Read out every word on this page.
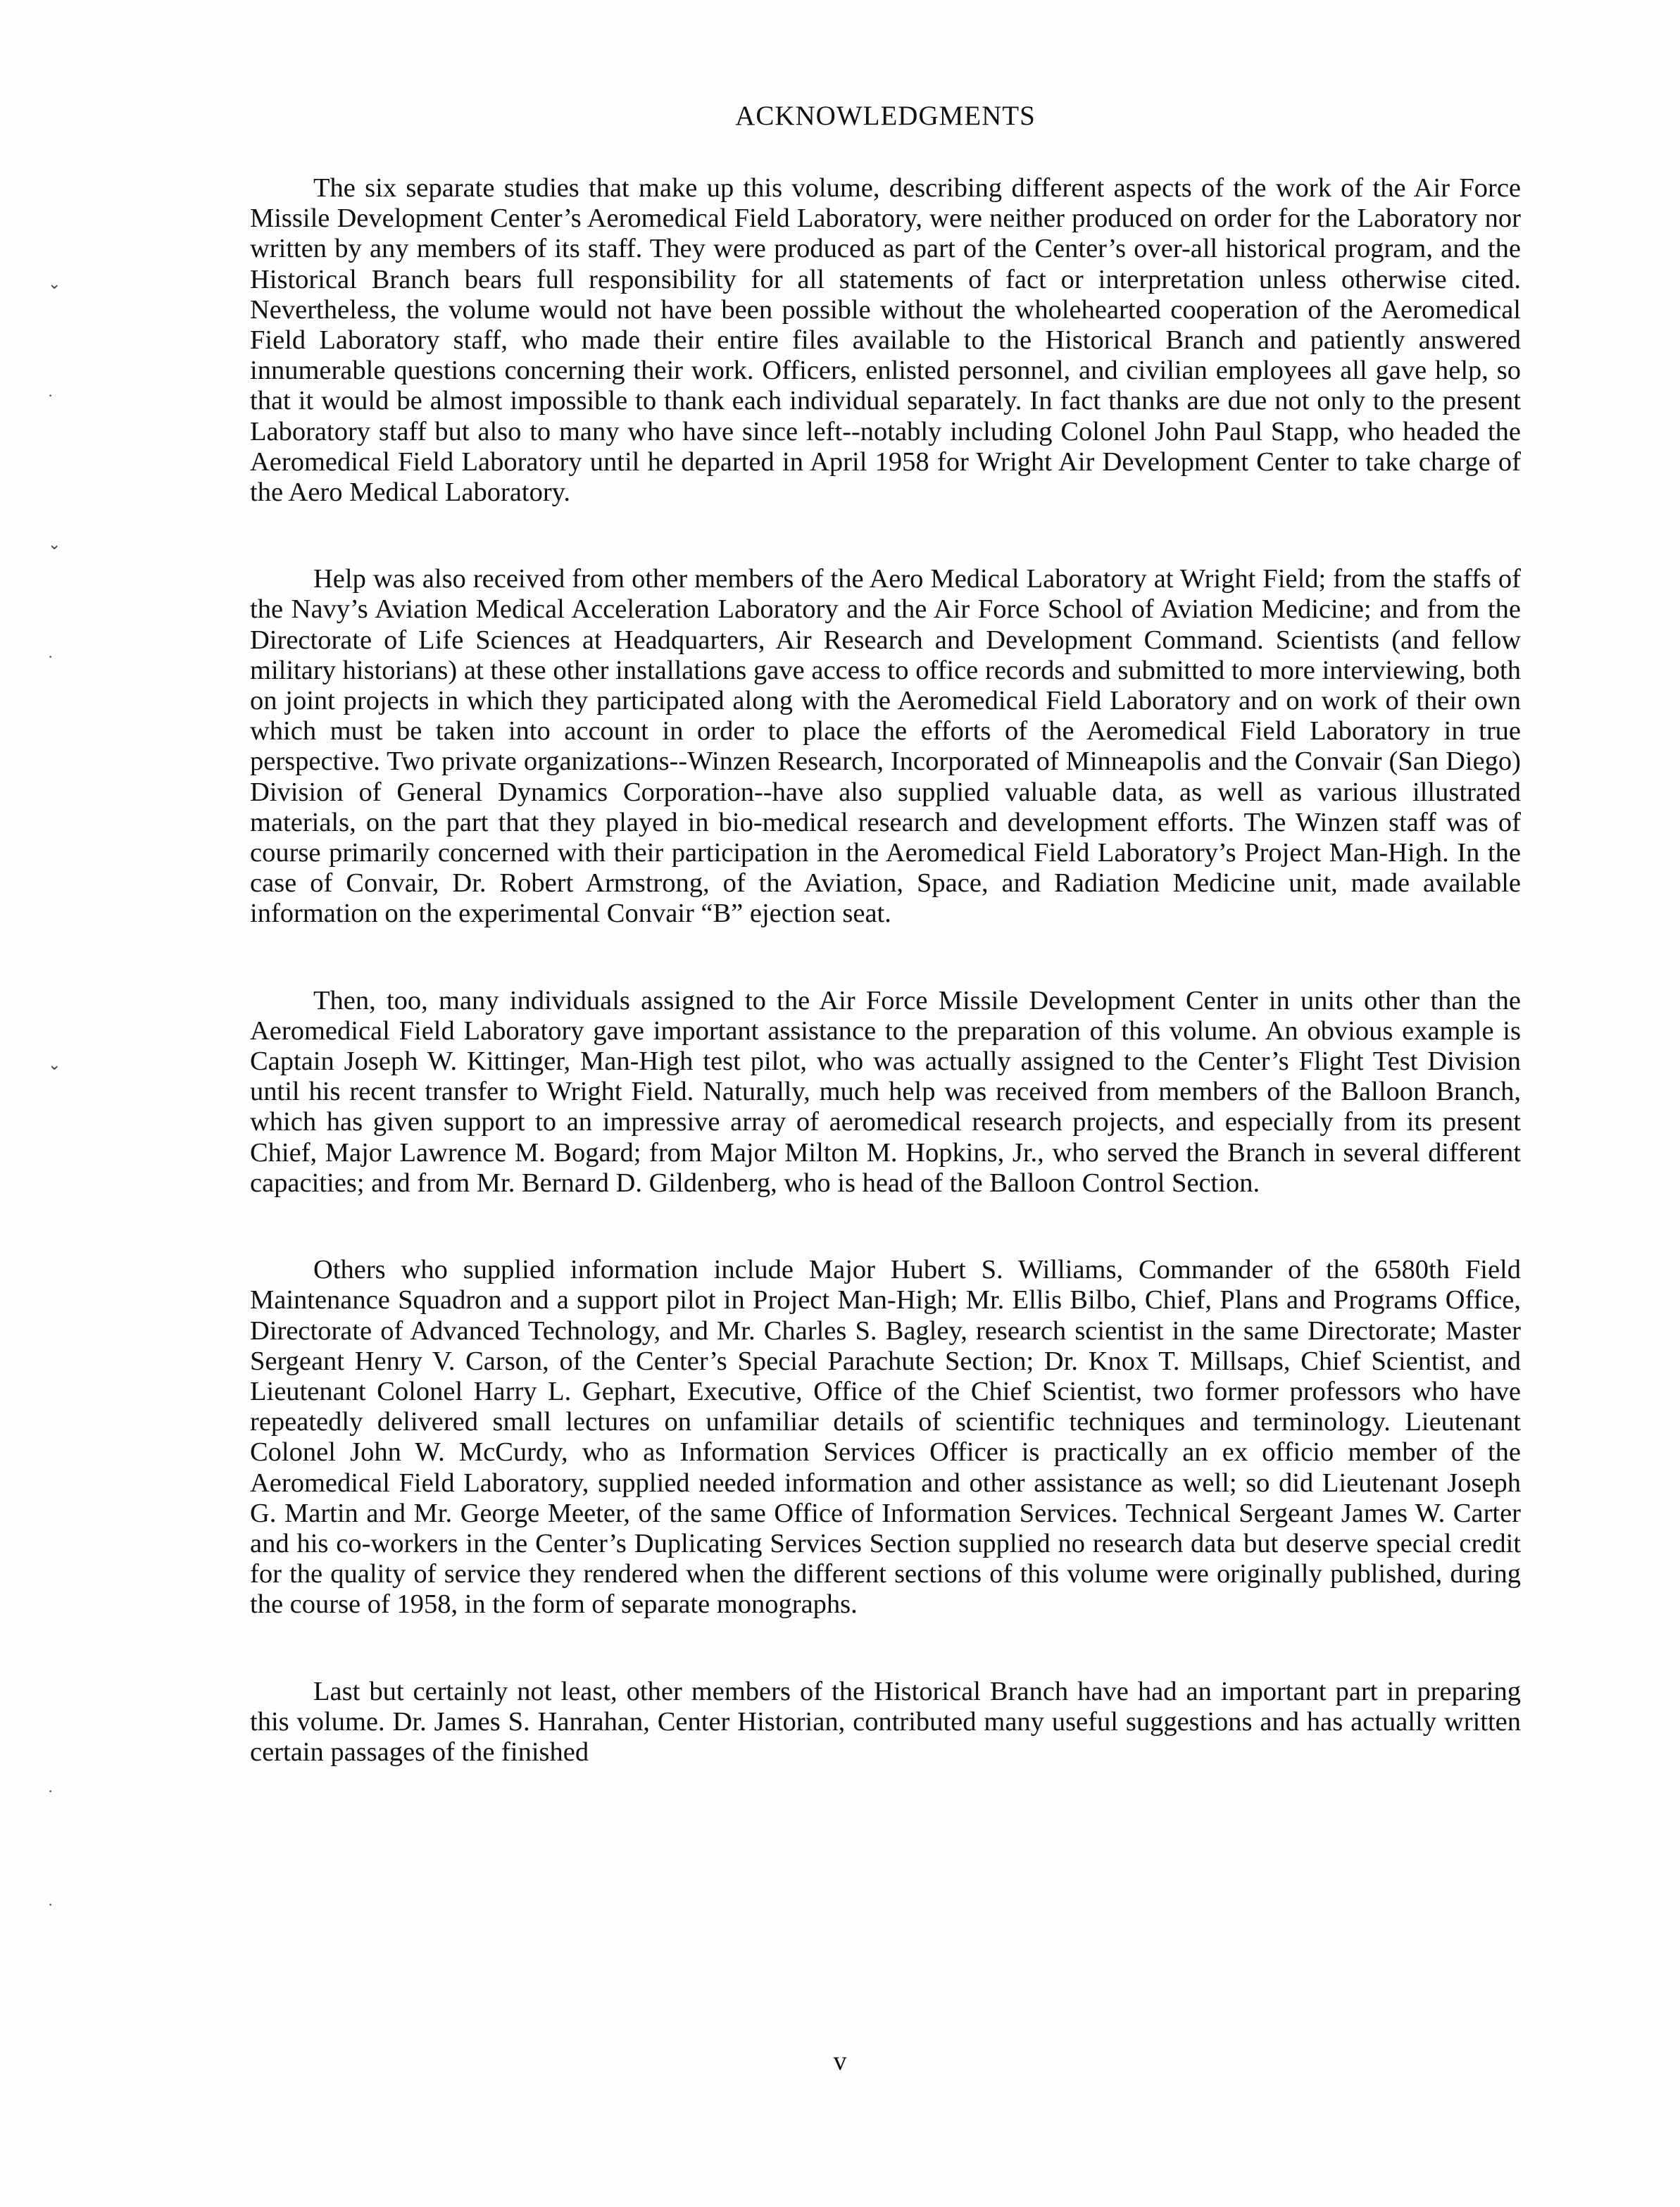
⌄
·
⌄
·
⌄
·
·
ACKNOWLEDGMENTS

The six separate studies that make up this volume, describing different aspects of the work of the Air Force Missile Development Center’s Aeromedical Field Laboratory, were neither produced on order for the Laboratory nor written by any members of its staff. They were produced as part of the Center’s over-all historical program, and the Historical Branch bears full responsibility for all statements of fact or interpretation unless otherwise cited. Nevertheless, the volume would not have been possible without the wholehearted cooperation of the Aeromedical Field Laboratory staff, who made their entire files available to the Historical Branch and patiently answered innumerable questions concerning their work. Officers, enlisted personnel, and civilian employees all gave help, so that it would be almost impossible to thank each individual separately. In fact thanks are due not only to the present Laboratory staff but also to many who have since left--notably including Colonel John Paul Stapp, who headed the Aeromedical Field Laboratory until he departed in April 1958 for Wright Air Development Center to take charge of the Aero Medical Laboratory.

Help was also received from other members of the Aero Medical Laboratory at Wright Field; from the staffs of the Navy’s Aviation Medical Acceleration Laboratory and the Air Force School of Aviation Medicine; and from the Directorate of Life Sciences at Headquarters, Air Research and Development Command. Scientists (and fellow military historians) at these other installations gave access to office records and submitted to more interviewing, both on joint projects in which they participated along with the Aeromedical Field Laboratory and on work of their own which must be taken into account in order to place the efforts of the Aeromedical Field Laboratory in true perspective. Two private organizations--Winzen Research, Incorporated of Minneapolis and the Convair (San Diego) Division of General Dynamics Corporation--have also supplied valuable data, as well as various illustrated materials, on the part that they played in bio-medical research and development efforts. The Winzen staff was of course primarily concerned with their participation in the Aeromedical Field Laboratory’s Project Man-High. In the case of Convair, Dr. Robert Armstrong, of the Aviation, Space, and Radiation Medicine unit, made available information on the experimental Convair “B” ejection seat.

Then, too, many individuals assigned to the Air Force Missile Development Center in units other than the Aeromedical Field Laboratory gave important assistance to the preparation of this volume. An obvious example is Captain Joseph W. Kittinger, Man-High test pilot, who was actually assigned to the Center’s Flight Test Division until his recent transfer to Wright Field. Naturally, much help was received from members of the Balloon Branch, which has given support to an impressive array of aeromedical research projects, and especially from its present Chief, Major Lawrence M. Bogard; from Major Milton M. Hopkins, Jr., who served the Branch in several different capacities; and from Mr. Bernard D. Gildenberg, who is head of the Balloon Control Section.

Others who supplied information include Major Hubert S. Williams, Commander of the 6580th Field Maintenance Squadron and a support pilot in Project Man-High; Mr. Ellis Bilbo, Chief, Plans and Programs Office, Directorate of Advanced Technology, and Mr. Charles S. Bagley, research scientist in the same Directorate; Master Sergeant Henry V. Carson, of the Center’s Special Parachute Section; Dr. Knox T. Millsaps, Chief Scientist, and Lieutenant Colonel Harry L. Gephart, Executive, Office of the Chief Scientist, two former professors who have repeatedly delivered small lectures on unfamiliar details of scientific techniques and terminology. Lieutenant Colonel John W. McCurdy, who as Information Services Officer is practically an ex officio member of the Aeromedical Field Laboratory, supplied needed information and other assistance as well; so did Lieutenant Joseph G. Martin and Mr. George Meeter, of the same Office of Information Services. Technical Sergeant James W. Carter and his co-workers in the Center’s Duplicating Services Section supplied no research data but deserve special credit for the quality of service they rendered when the different sections of this volume were originally published, during the course of 1958, in the form of separate monographs.

Last but certainly not least, other members of the Historical Branch have had an important part in preparing this volume. Dr. James S. Hanrahan, Center Historian, contributed many useful suggestions and has actually written certain passages of the finished

v
